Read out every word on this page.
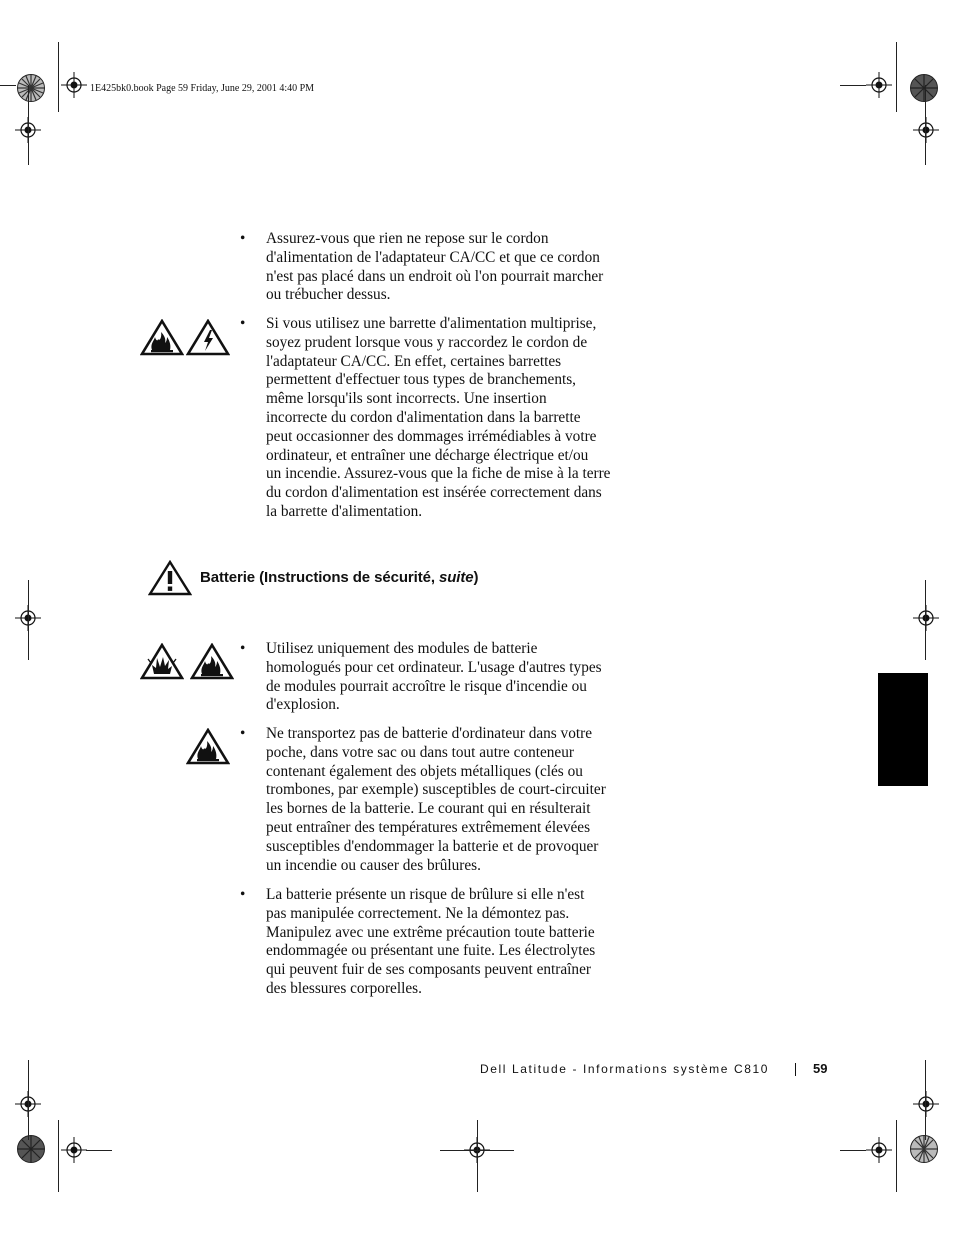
1E425bk0.book Page 59 Friday, June 29, 2001 4:40 PM
• Assurez-vous que rien ne repose sur le cordon
d'alimentation de l'adaptateur CA/CC et que ce cordon
n'est pas placé dans un endroit où l'on pourrait marcher
ou trébucher dessus.
• Si vous utilisez une barrette d'alimentation multiprise,
soyez prudent lorsque vous y raccordez le cordon de
l'adaptateur CA/CC. En effet, certaines barrettes
permettent d'effectuer tous types de branchements,
même lorsqu'ils sont incorrects. Une insertion
incorrecte du cordon d'alimentation dans la barrette
peut occasionner des dommages irrémédiables à votre
ordinateur, et entraîner une décharge électrique et/ou
un incendie. Assurez-vous que la fiche de mise à la terre
du cordon d'alimentation est insérée correctement dans
la barrette d'alimentation.
Batterie (Instructions de sécurité, suite)
• Utilisez uniquement des modules de batterie
homologués pour cet ordinateur. L'usage d'autres types
de modules pourrait accroître le risque d'incendie ou
d'explosion.
• Ne transportez pas de batterie d'ordinateur dans votre
poche, dans votre sac ou dans tout autre conteneur
contenant également des objets métalliques (clés ou
trombones, par exemple) susceptibles de court-circuiter
les bornes de la batterie. Le courant qui en résulterait
peut entraîner des températures extrêmement élevées
susceptibles d'endommager la batterie et de provoquer
un incendie ou causer des brûlures.
• La batterie présente un risque de brûlure si elle n'est
pas manipulée correctement. Ne la démontez pas.
Manipulez avec une extrême précaution toute batterie
endommagée ou présentant une fuite. Les électrolytes
qui peuvent fuir de ses composants peuvent entraîner
des blessures corporelles.
Dell Latitude - Informations système C810	59
